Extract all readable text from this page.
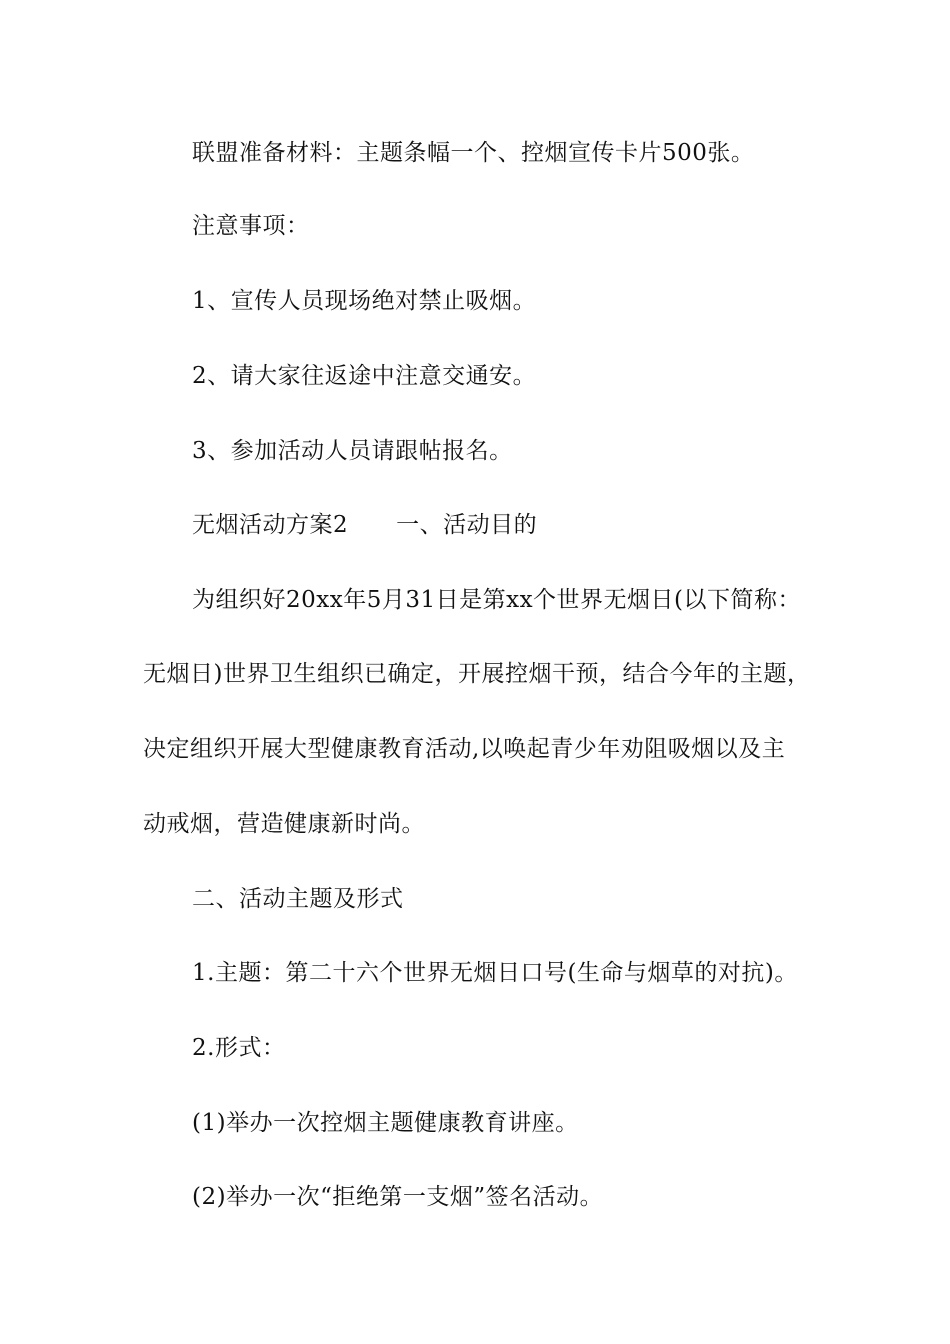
联盟准备材料：主题条幅一个、控烟宣传卡片500张。
注意事项：
1、宣传人员现场绝对禁止吸烟。
2、请大家往返途中注意交通安。
3、参加活动人员请跟帖报名。
无烟活动方案2 一、活动目的
为组织好20xx年5月31日是第xx个世界无烟日(以下简称：
无烟日)世界卫生组织已确定，开展控烟干预，结合今年的主题，
决定组织开展大型健康教育活动,以唤起青少年劝阻吸烟以及主
动戒烟，营造健康新时尚。
二、活动主题及形式
1.主题：第二十六个世界无烟日口号(生命与烟草的对抗)。
2.形式：
(1)举办一次控烟主题健康教育讲座。
(2)举办一次“拒绝第一支烟”签名活动。
